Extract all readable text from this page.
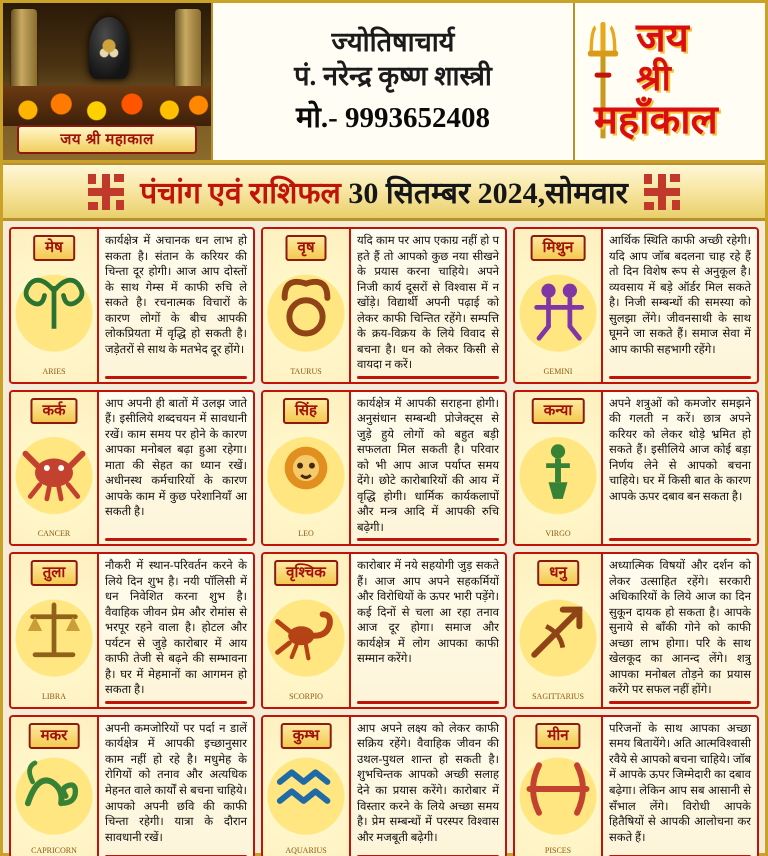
जय श्री महाकाल
ज्योतिषाचार्य
पं. नरेन्द्र कृष्ण शास्त्री
मो.- 9993652408
जय
श्री
महाँकाल
पंचांग एवं राशिफल 30 सितम्बर 2024,सोमवार
मेष
ARIES
कार्यक्षेत्र में अचानक धन लाभ हो सकता है। संतान के करियर की चिन्ता दूर होगी। आज आप दोस्तों के साथ गेम्स में काफी रुचि ले सकते है। रचनात्मक विचारों के कारण लोगों के बीच आपकी लोकप्रियता में वृद्धि हो सकती है। जड़ेतरों से साथ के मतभेद दूर होंगे।
वृष
TAURUS
यदि काम पर आप एकाग्र नहीं हो प हते हैं तो आपको कुछ नया सीखने के प्रयास करना चाहिये। अपने निजी कार्य दूसरों से विश्वास में न खोंड़े। विद्यार्थी अपनी पढ़ाई को लेकर काफी चिन्तित रहेंगे। सम्पत्ति के क्रय-विक्रय के लिये विवाद से बचना है। धन को लेकर किसी से वायदा न करें।
मिथुन
GEMINI
आर्थिक स्थिति काफी अच्छी रहेगी। यदि आप जॉब बदलना चाह रहे हैं तो दिन विशेष रूप से अनुकूल है। व्यवसाय में बड़े ऑर्डर मिल सकते है। निजी सम्बन्धों की समस्या को सुलझा लेंगे। जीवनसाथी के साथ घूमने जा सकते हैं। समाज सेवा में आप काफी सहभागी रहेंगे।
कर्क
CANCER
आप अपनी ही बातों में उलझ जाते हैं। इसीलिये शब्दचयन में सावधानी रखें। काम समय पर होने के कारण आपका मनोबल बढ़ा हुआ रहेगा। माता की सेहत का ध्यान रखें। अधीनस्थ कर्मचारियों के कारण आपके काम में कुछ परेशानियाँ आ सकती है।
सिंह
LEO
कार्यक्षेत्र में आपकी सराहना होगी। अनुसंधान सम्बन्धी प्रोजेक्ट्स से जुड़े हुये लोगों को बहुत बड़ी सफलता मिल सकती है। परिवार को भी आप आज पर्याप्त समय देंगे। छोटे कारोबारियों की आय में वृद्धि होगी। धार्मिक कार्यकलापों और मन्त्र आदि में आपकी रुचि बढ़ेगी।
कन्या
VIRGO
अपने शत्रुओं को कमजोर समझने की गलती न करें। छात्र अपने करियर को लेकर थोड़े भ्रमित हो सकते हैं। इसीलिये आज कोई बड़ा निर्णय लेने से आपको बचना चाहिये। घर में किसी बात के कारण आपके ऊपर दबाव बन सकता है।
तुला
LIBRA
नौकरी में स्थान-परिवर्तन करने के लिये दिन शुभ है। नयी पॉलिसी में धन निवेशित करना शुभ है। वैवाहिक जीवन प्रेम और रोमांस से भरपूर रहने वाला है। होटल और पर्यटन से जुड़े कारोबार में आय काफी तेजी से बढ़ने की सम्भावना है। घर में मेहमानों का आगमन हो सकता है।
वृश्चिक
SCORPIO
कारोबार में नये सहयोगी जुड़ सकते हैं। आज आप अपने सहकर्मियों और विरोधियों के ऊपर भारी पड़ेंगे। कई दिनों से चला आ रहा तनाव आज दूर होगा। समाज और कार्यक्षेत्र में लोग आपका काफी सम्मान करेंगे।
धनु
SAGITTARIUS
अध्यात्मिक विषयों और दर्शन को लेकर उत्साहित रहेंगे। सरकारी अधिकारियों के लिये आज का दिन सुकून दायक हो सकता है। आपके सुनाये से बाँकी गोने को काफी अच्छा लाभ होगा। परि के साथ खेलकूद का आनन्द लेंगे। शत्रु आपका मनोबल तोड़ने का प्रयास करेंगे पर सफल नहीं होंगे।
मकर
CAPRICORN
अपनी कमजोरियों पर पर्दा न डालें कार्यक्षेत्र में आपकी इच्छानुसार काम नहीं हो रहे है। मधुमेह के रोगियों को तनाव और अत्यधिक मेहनत वाले कार्यों से बचना चाहिये। आपको अपनी छवि की काफी चिन्ता रहेगी। यात्रा के दौरान सावधानी रखें।
कुम्भ
AQUARIUS
आप अपने लक्ष्य को लेकर काफी सक्रिय रहेंगे। वैवाहिक जीवन की उथल-पुथल शान्त हो सकती है। शुभचिन्तक आपको अच्छी सलाह देने का प्रयास करेंगे। कारोबार में विस्तार करने के लिये अच्छा समय है। प्रेम सम्बन्धों में परस्पर विश्वास और मजबूती बढ़ेगी।
मीन
PISCES
परिजनों के साथ आपका अच्छा समय बितायेंगे। अति आत्मविश्वासी रवैये से आपको बचना चाहिये। जॉब में आपके ऊपर जिम्मेदारी का दबाव बढ़ेगा। लेकिन आप सब आसानी से सँभाल लेंगे। विरोधी आपके हितैषियों से आपकी आलोचना कर सकते हैं।
